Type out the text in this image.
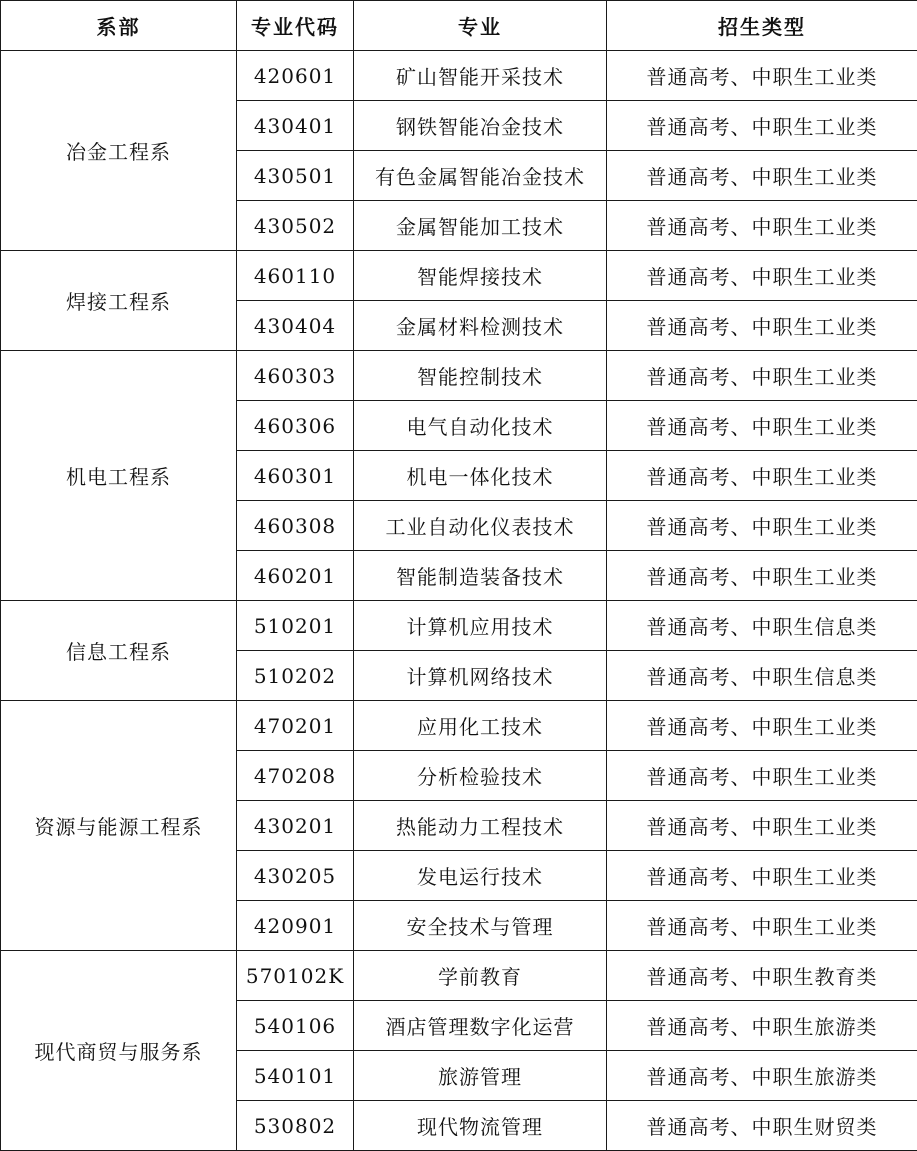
系部	专业代码	专业	招生类型
冶金工程系	420601	矿山智能开采技术	普通高考、中职生工业类
	430401	钢铁智能冶金技术	普通高考、中职生工业类
	430501	有色金属智能冶金技术	普通高考、中职生工业类
	430502	金属智能加工技术	普通高考、中职生工业类
焊接工程系	460110	智能焊接技术	普通高考、中职生工业类
	430404	金属材料检测技术	普通高考、中职生工业类
机电工程系	460303	智能控制技术	普通高考、中职生工业类
	460306	电气自动化技术	普通高考、中职生工业类
	460301	机电一体化技术	普通高考、中职生工业类
	460308	工业自动化仪表技术	普通高考、中职生工业类
	460201	智能制造装备技术	普通高考、中职生工业类
信息工程系	510201	计算机应用技术	普通高考、中职生信息类
	510202	计算机网络技术	普通高考、中职生信息类
资源与能源工程系	470201	应用化工技术	普通高考、中职生工业类
	470208	分析检验技术	普通高考、中职生工业类
	430201	热能动力工程技术	普通高考、中职生工业类
	430205	发电运行技术	普通高考、中职生工业类
	420901	安全技术与管理	普通高考、中职生工业类
现代商贸与服务系	570102K	学前教育	普通高考、中职生教育类
	540106	酒店管理数字化运营	普通高考、中职生旅游类
	540101	旅游管理	普通高考、中职生旅游类
	530802	现代物流管理	普通高考、中职生财贸类
